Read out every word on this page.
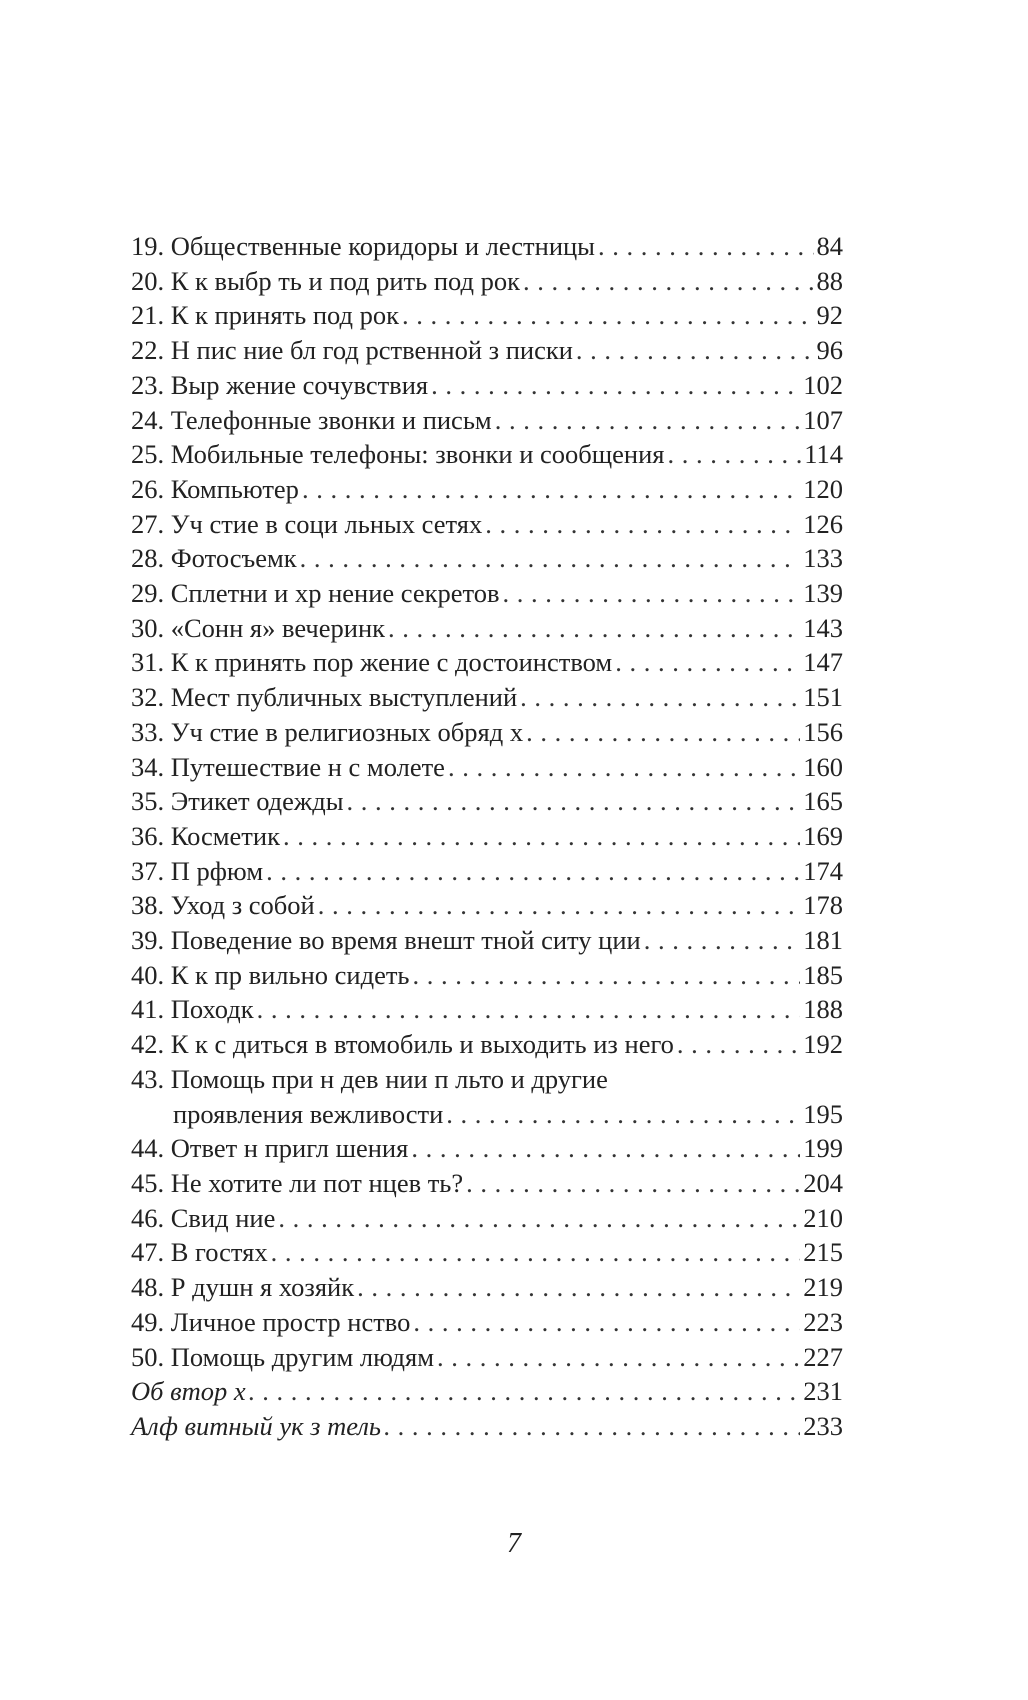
19. Общественные коридоры и лестницы . . .	84
20. К к выбр ть и под рить под рок . . .	88
21. К к принять под рок . . .	92
22. Н пис ние бл год рственной з писки . . .	96
23. Выр жение сочувствия . . .	102
24. Телефонные звонки и письм . . .	107
25. Мобильные телефоны: звонки и сообщения . . .	114
26. Компьютер . . .	120
27. Уч стие в соци льных сетях . . .	126
28. Фотосъемк . . .	133
29. Сплетни и хр нение секретов . . .	139
30. «Сонн я» вечеринк . . .	143
31. К к принять пор жение с достоинством . . .	147
32. Мест публичных выступлений . . .	151
33. Уч стие в религиозных обряд х . . .	156
34. Путешествие н с молете . . .	160
35. Этикет одежды . . .	165
36. Косметик . . .	169
37. П рфюм . . .	174
38. Уход з собой . . .	178
39. Поведение во время внешт тной ситу ции . . .	181
40. К к пр вильно сидеть . . .	185
41. Походк . . .	188
42. К к с диться в втомобиль и выходить из него . . .	192
43. Помощь при н дев нии п льто и другие
проявления вежливости . . .	195
44. Ответ н пригл шения . . .	199
45. Не хотите ли пот нцев ть? . . .	204
46. Свид ние . . .	210
47. В гостях . . .	215
48. Р душн я хозяйк . . .	219
49. Личное простр нство . . .	223
50. Помощь другим людям . . .	227
Об втор х . . .	231
Алф витный ук з тель . . .	233
7
